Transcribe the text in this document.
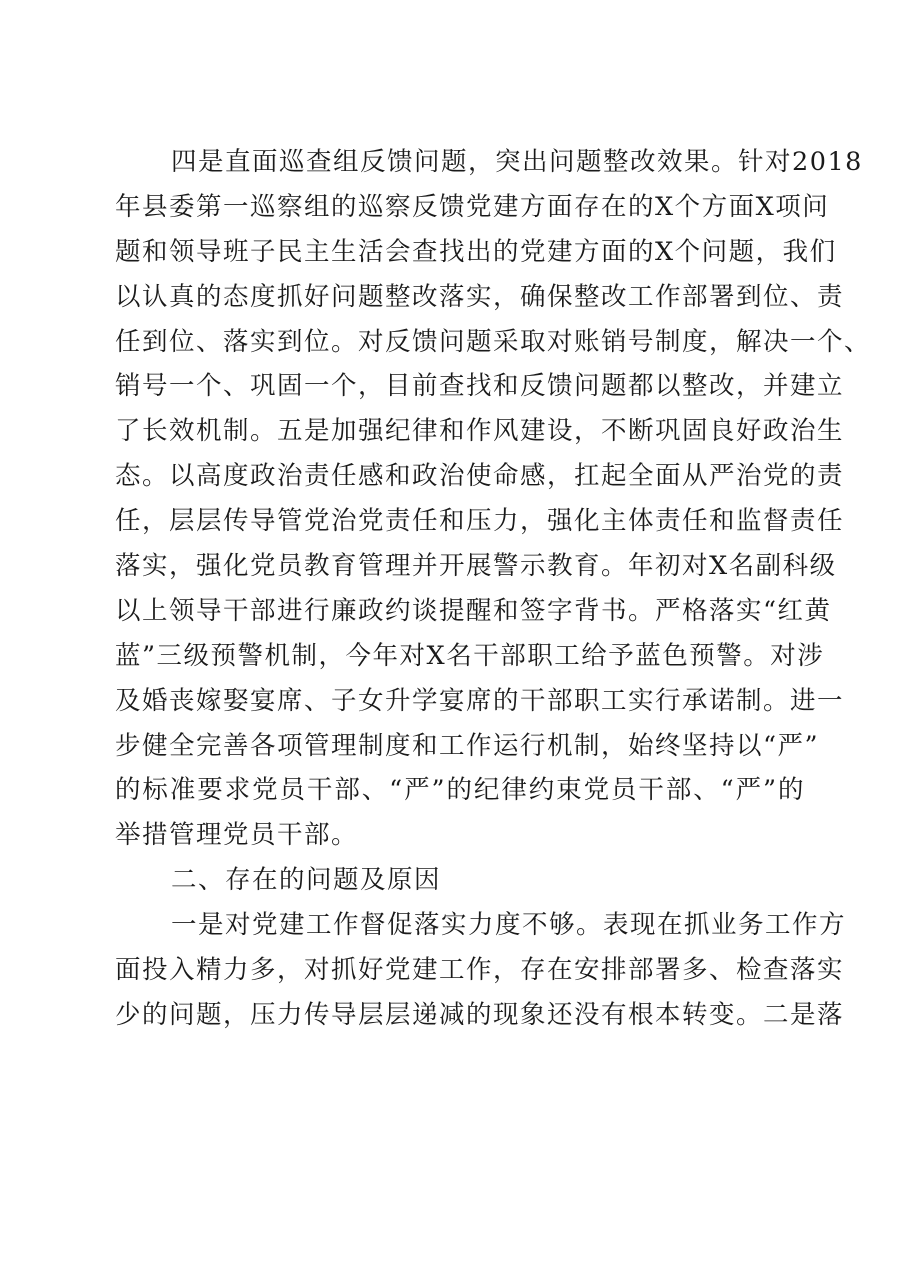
四是直面巡查组反馈问题，突出问题整改效果。针对2018
年县委第一巡察组的巡察反馈党建方面存在的X个方面X项问
题和领导班子民主生活会查找出的党建方面的X个问题，我们
以认真的态度抓好问题整改落实，确保整改工作部署到位、责
任到位、落实到位。对反馈问题采取对账销号制度，解决一个、
销号一个、巩固一个，目前查找和反馈问题都以整改，并建立
了长效机制。五是加强纪律和作风建设，不断巩固良好政治生
态。以高度政治责任感和政治使命感，扛起全面从严治党的责
任，层层传导管党治党责任和压力，强化主体责任和监督责任
落实，强化党员教育管理并开展警示教育。年初对X名副科级
以上领导干部进行廉政约谈提醒和签字背书。严格落实“红黄
蓝”三级预警机制，今年对X名干部职工给予蓝色预警。对涉
及婚丧嫁娶宴席、子女升学宴席的干部职工实行承诺制。进一
步健全完善各项管理制度和工作运行机制，始终坚持以“严”
的标准要求党员干部、“严”的纪律约束党员干部、“严”的
举措管理党员干部。
二、存在的问题及原因
一是对党建工作督促落实力度不够。表现在抓业务工作方
面投入精力多，对抓好党建工作，存在安排部署多、检查落实
少的问题，压力传导层层递减的现象还没有根本转变。二是落
